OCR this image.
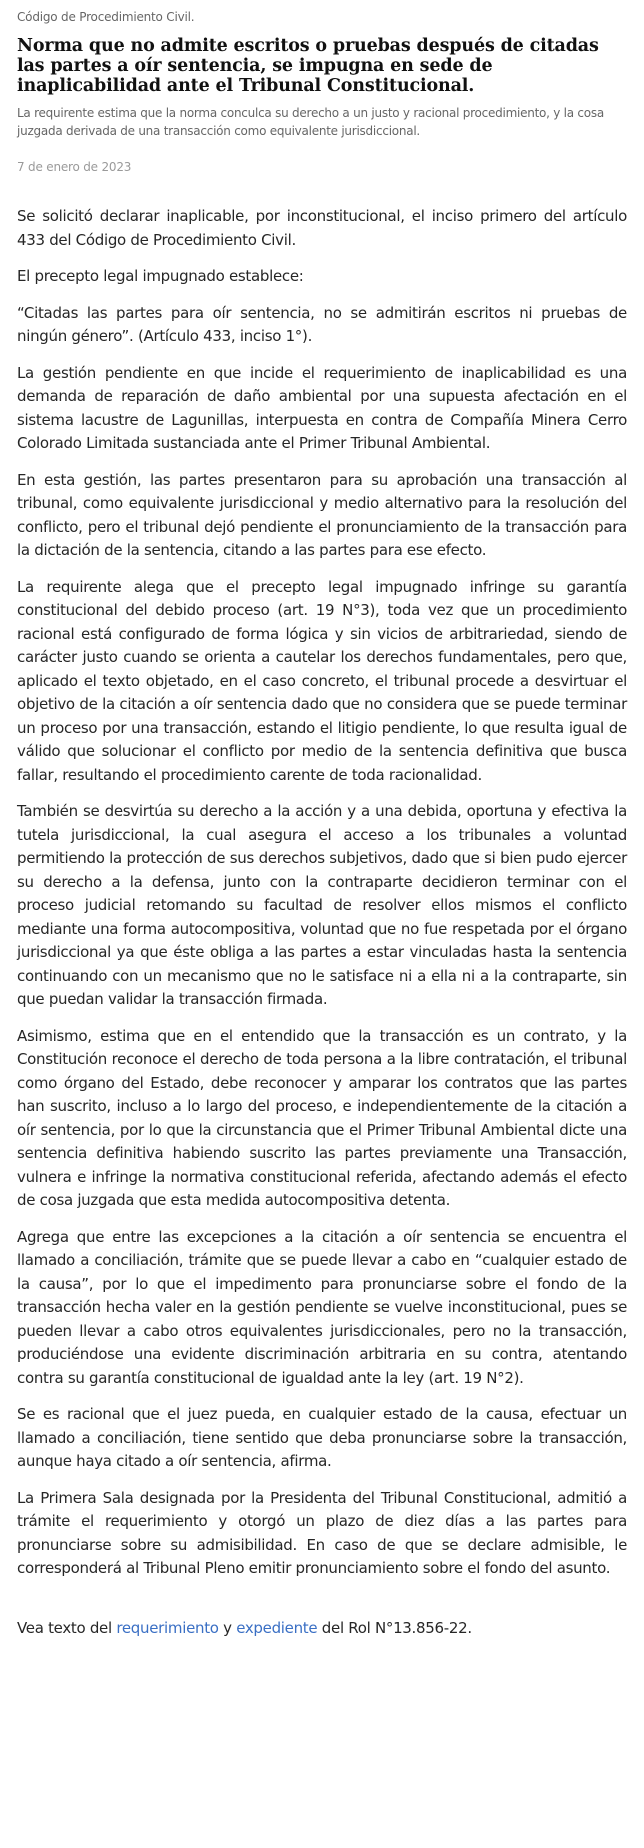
Código de Procedimiento Civil.
Norma que no admite escritos o pruebas después de citadas las partes a oír sentencia, se impugna en sede de inaplicabilidad ante el Tribunal Constitucional.
La requirente estima que la norma conculca su derecho a un justo y racional procedimiento, y la cosa juzgada derivada de una transacción como equivalente jurisdiccional.
7 de enero de 2023

Se solicitó declarar inaplicable, por inconstitucional, el inciso primero del artículo 433 del Código de Procedimiento Civil.

El precepto legal impugnado establece:

“Citadas las partes para oír sentencia, no se admitirán escritos ni pruebas de ningún género”. (Artículo 433, inciso 1°).

La gestión pendiente en que incide el requerimiento de inaplicabilidad es una demanda de reparación de daño ambiental por una supuesta afectación en el sistema lacustre de Lagunillas, interpuesta en contra de Compañía Minera Cerro Colorado Limitada sustanciada ante el Primer Tribunal Ambiental.

En esta gestión, las partes presentaron para su aprobación una transacción al tribunal, como equivalente jurisdiccional y medio alternativo para la resolución del conflicto, pero el tribunal dejó pendiente el pronunciamiento de la transacción para la dictación de la sentencia, citando a las partes para ese efecto.

La requirente alega que el precepto legal impugnado infringe su garantía constitucional del debido proceso (art. 19 N°3), toda vez que un procedimiento racional está configurado de forma lógica y sin vicios de arbitrariedad, siendo de carácter justo cuando se orienta a cautelar los derechos fundamentales, pero que, aplicado el texto objetado, en el caso concreto, el tribunal procede a desvirtuar el objetivo de la citación a oír sentencia dado que no considera que se puede terminar un proceso por una transacción, estando el litigio pendiente, lo que resulta igual de válido que solucionar el conflicto por medio de la sentencia definitiva que busca fallar, resultando el procedimiento carente de toda racionalidad.

También se desvirtúa su derecho a la acción y a una debida, oportuna y efectiva la tutela jurisdiccional, la cual asegura el acceso a los tribunales a voluntad permitiendo la protección de sus derechos subjetivos, dado que si bien pudo ejercer su derecho a la defensa, junto con la contraparte decidieron terminar con el proceso judicial retomando su facultad de resolver ellos mismos el conflicto mediante una forma autocompositiva, voluntad que no fue respetada por el órgano jurisdiccional ya que éste obliga a las partes a estar vinculadas hasta la sentencia continuando con un mecanismo que no le satisface ni a ella ni a la contraparte, sin que puedan validar la transacción firmada.

Asimismo, estima que en el entendido que la transacción es un contrato, y la Constitución reconoce el derecho de toda persona a la libre contratación, el tribunal como órgano del Estado, debe reconocer y amparar los contratos que las partes han suscrito, incluso a lo largo del proceso, e independientemente de la citación a oír sentencia, por lo que la circunstancia que el Primer Tribunal Ambiental dicte una sentencia definitiva habiendo suscrito las partes previamente una Transacción, vulnera e infringe la normativa constitucional referida, afectando además el efecto de cosa juzgada que esta medida autocompositiva detenta.

Agrega que entre las excepciones a la citación a oír sentencia se encuentra el llamado a conciliación, trámite que se puede llevar a cabo en “cualquier estado de la causa”, por lo que el impedimento para pronunciarse sobre el fondo de la transacción hecha valer en la gestión pendiente se vuelve inconstitucional, pues se pueden llevar a cabo otros equivalentes jurisdiccionales, pero no la transacción, produciéndose una evidente discriminación arbitraria en su contra, atentando contra su garantía constitucional de igualdad ante la ley (art. 19 N°2).

Se es racional que el juez pueda, en cualquier estado de la causa, efectuar un llamado a conciliación, tiene sentido que deba pronunciarse sobre la transacción, aunque haya citado a oír sentencia, afirma.

La Primera Sala designada por la Presidenta del Tribunal Constitucional, admitió a trámite el requerimiento y otorgó un plazo de diez días a las partes para pronunciarse sobre su admisibilidad. En caso de que se declare admisible, le corresponderá al Tribunal Pleno emitir pronunciamiento sobre el fondo del asunto.

Vea texto del requerimiento y expediente del Rol N°13.856-22.
